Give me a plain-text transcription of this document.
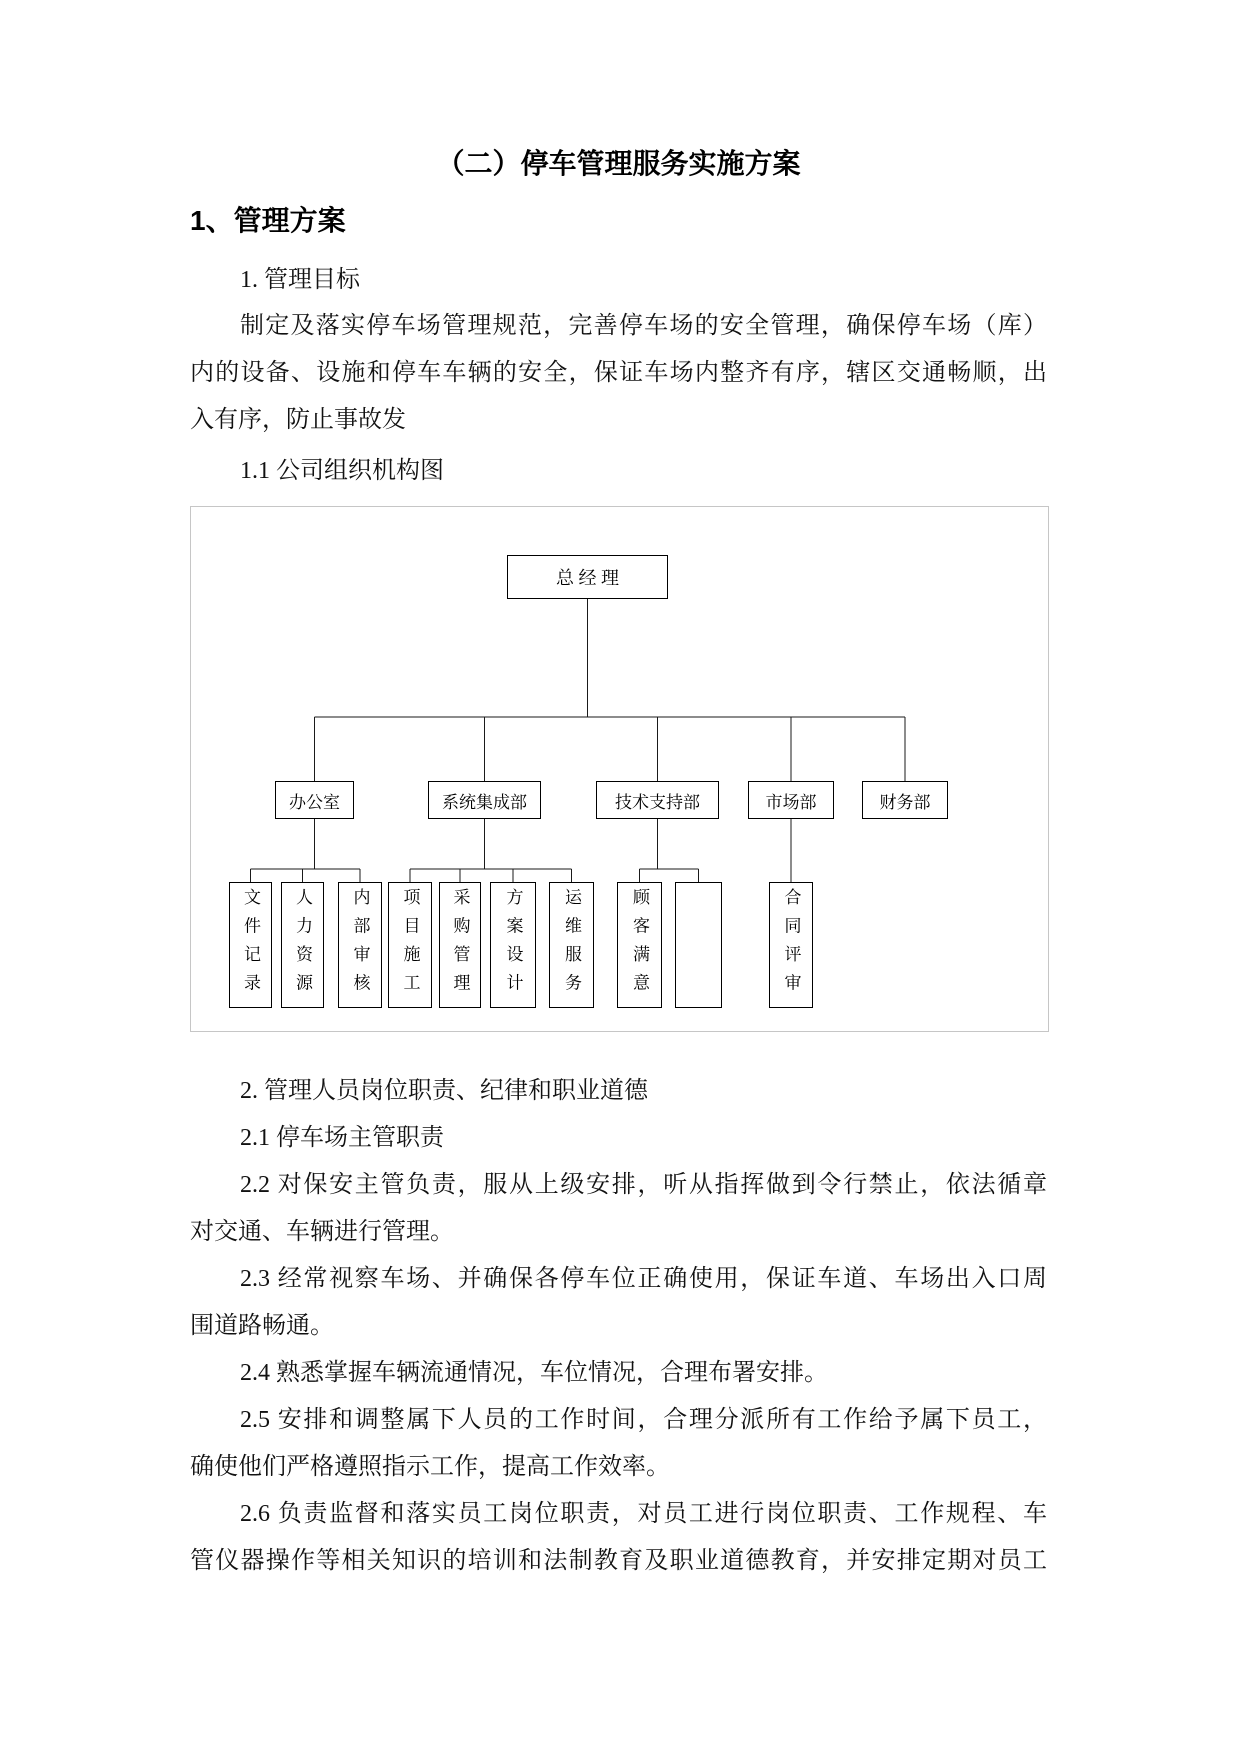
（二）停车管理服务实施方案
1、管理方案
1. 管理目标
制定及落实停车场管理规范，完善停车场的安全管理，确保停车场（库）
内的设备、设施和停车车辆的安全，保证车场内整齐有序，辖区交通畅顺，出
入有序，防止事故发
1.1 公司组织机构图
总 经 理
办公室	系统集成部	技术支持部	市场部	财务部
文件记录	人力资源	内部审核	项目施工	采购管理	方案设计	运维服务	顾客满意	合同评审
2. 管理人员岗位职责、纪律和职业道德
2.1 停车场主管职责
2.2 对保安主管负责，服从上级安排，听从指挥做到令行禁止，依法循章
对交通、车辆进行管理。
2.3 经常视察车场、并确保各停车位正确使用，保证车道、车场出入口周
围道路畅通。
2.4 熟悉掌握车辆流通情况，车位情况，合理布署安排。
2.5 安排和调整属下人员的工作时间，合理分派所有工作给予属下员工，
确使他们严格遵照指示工作，提高工作效率。
2.6 负责监督和落实员工岗位职责，对员工进行岗位职责、工作规程、车
管仪器操作等相关知识的培训和法制教育及职业道德教育，并安排定期对员工
